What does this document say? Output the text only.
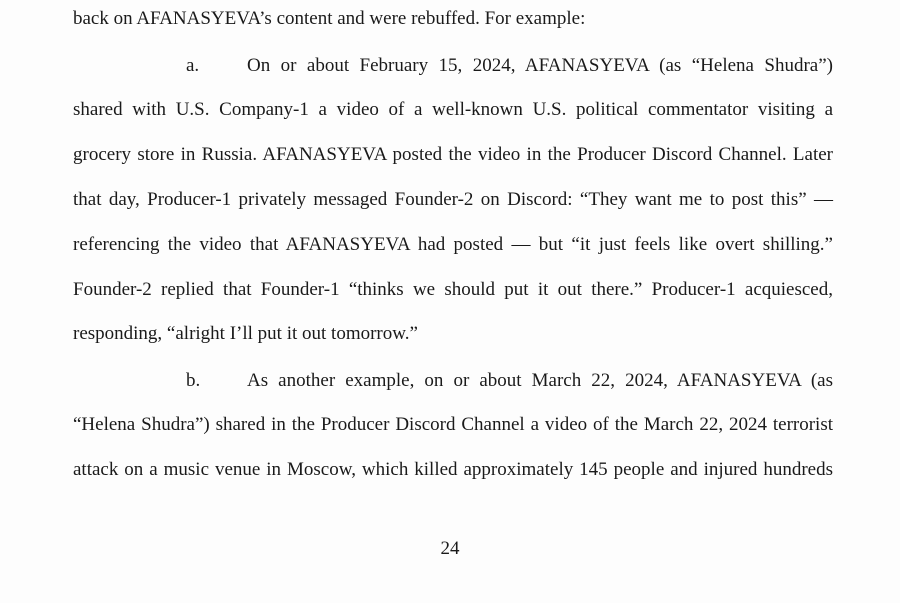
back on AFANASYEVA’s content and were rebuffed. For example:
a.	On or about February 15, 2024, AFANASYEVA (as “Helena Shudra”)
shared with U.S. Company-1 a video of a well-known U.S. political commentator visiting a
grocery store in Russia. AFANASYEVA posted the video in the Producer Discord Channel. Later
that day, Producer-1 privately messaged Founder-2 on Discord: “They want me to post this” —
referencing the video that AFANASYEVA had posted — but “it just feels like overt shilling.”
Founder-2 replied that Founder-1 “thinks we should put it out there.” Producer-1 acquiesced,
responding, “alright I’ll put it out tomorrow.”
b. As another example, on or about March 22, 2024, AFANASYEVA (as
“Helena Shudra”) shared in the Producer Discord Channel a video of the March 22, 2024 terrorist
attack on a music venue in Moscow, which killed approximately 145 people and injured hundreds
24
